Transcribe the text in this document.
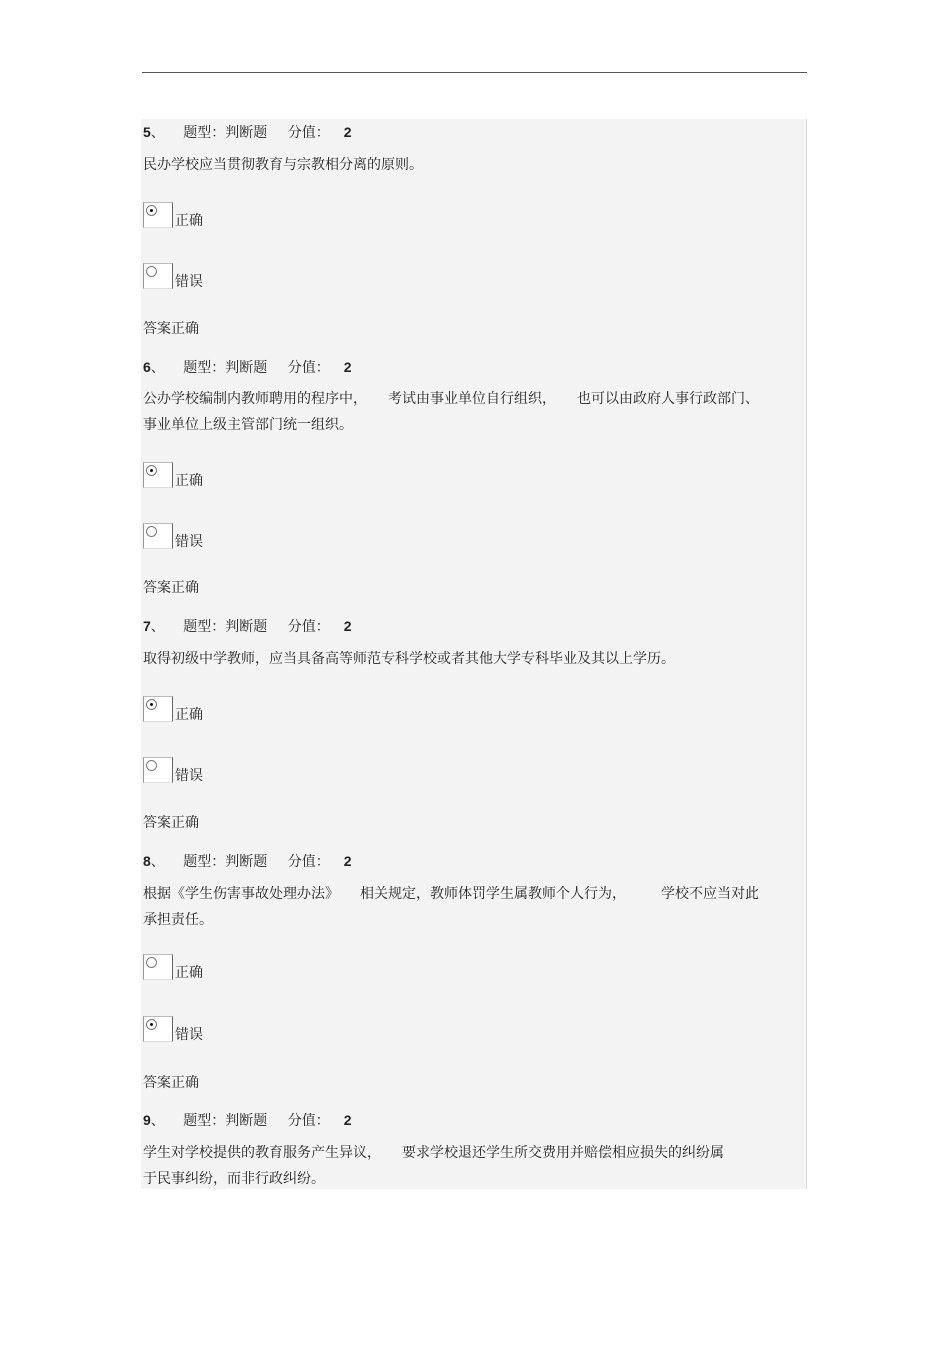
5、 题型：判断题 分值： 2
民办学校应当贯彻教育与宗教相分离的原则。
正确
错误
答案正确
6、 题型：判断题 分值： 2
公办学校编制内教师聘用的程序中，　　考试由事业单位自行组织，　　也可以由政府人事行政部门、
事业单位上级主管部门统一组织。
正确
错误
答案正确
7、 题型：判断题 分值： 2
取得初级中学教师，应当具备高等师范专科学校或者其他大学专科毕业及其以上学历。
正确
错误
答案正确
8、 题型：判断题 分值： 2
根据《学生伤害事故处理办法》　　相关规定，教师体罚学生属教师个人行为，　　　学校不应当对此
承担责任。
正确
错误
答案正确
9、 题型：判断题 分值： 2
学生对学校提供的教育服务产生异议，　　要求学校退还学生所交费用并赔偿相应损失的纠纷属
于民事纠纷，而非行政纠纷。
